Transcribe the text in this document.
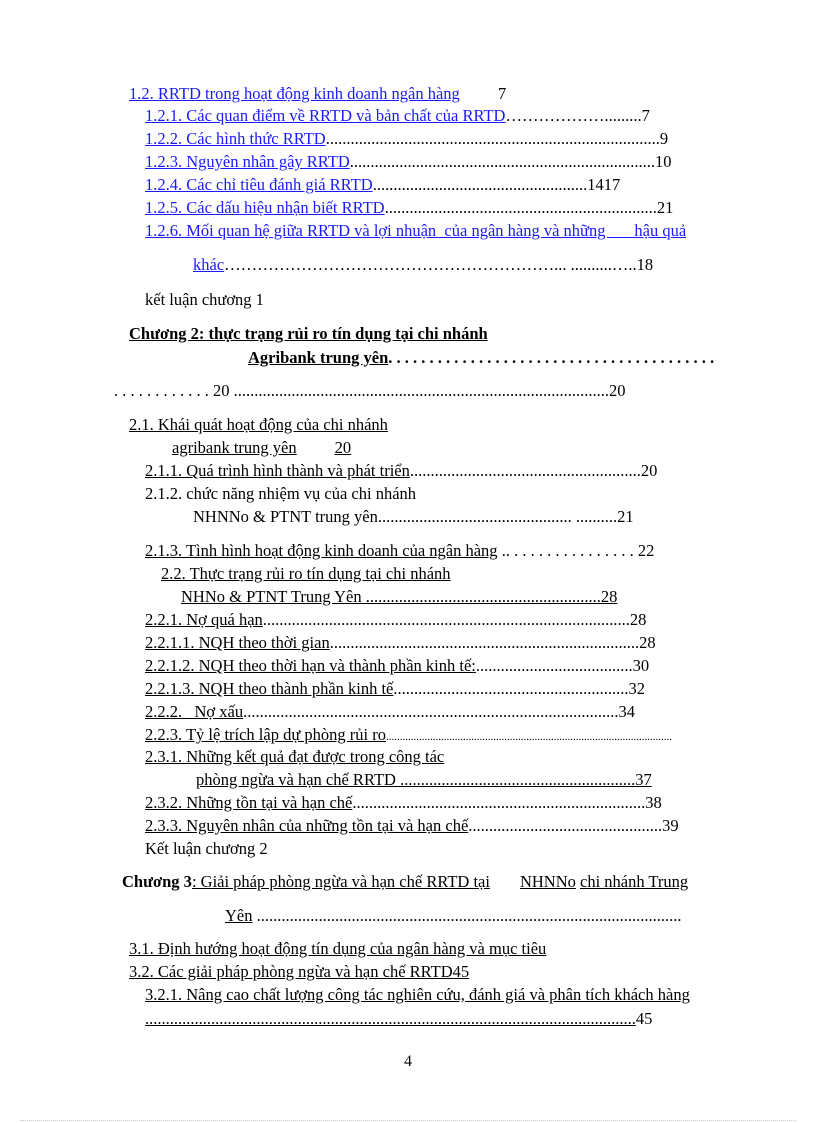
1.2. RRTD trong hoạt động kinh doanh ngân hàng 7
1.2.1. Các quan điểm về RRTD và bản chất của RRTD……………….........7
1.2.2. Các hình thức RRTD.................................................................................9
1.2.3. Nguyên nhân gây RRTD..........................................................................10
1.2.4. Các chỉ tiêu đánh giá RRTD....................................................1417
1.2.5. Các dấu hiệu nhận biết RRTD..................................................................21
1.2.6. Mối quan hệ giữa RRTD và lợi nhuận  của ngân hàng và những       hậu quả
khác……………………………………………………... ..........…..18
kết luận chương 1
Chương 2: thực trạng rủi ro tín dụng tại chi nhánh
Agribank trung yên. . . . . . . . . . . . . . . . . . . . . . . . . . . . . . . . . . . . . . . .
. . . . . . . . . . . . 20 ...........................................................................................20
2.1. Khái quát hoạt động của chi nhánh
agribank trung yên 20
2.1.1. Quá trình hình thành và phát triển........................................................20
2.1.2. chức năng nhiệm vụ của chi nhánh
NHNNo & PTNT trung yên............................................... ..........21
2.1.3. Tình hình hoạt động kinh doanh của ngân hàng .. . . . . . . . . . . . . . . . 22
2.2. Thực trạng rủi ro tín dụng tại chi nhánh
NHNo & PTNT Trung Yên .........................................................28
2.2.1. Nợ quá hạn.........................................................................................28
2.2.1.1. NQH theo thời gian...........................................................................28
2.2.1.2. NQH theo thời hạn và thành phần kinh tế:......................................30
2.2.1.3. NQH theo thành phần kinh tế.........................................................32
2.2.2.   Nợ xấu...........................................................................................34
2.2.3. Tỷ lệ trích lập dự phòng rủi ro........................................................................................................
2.3.1. Những kết quả đạt được trong công tác
phòng ngừa và hạn chế RRTD .........................................................37
2.3.2. Những tồn tại và hạn chế.......................................................................38
2.3.3. Nguyên nhân của những tồn tại và hạn chế...............................................39
Kết luận chương 2
Chương 3: Giải pháp phòng ngừa và hạn chế RRTD tại NHNNo chi nhánh Trung
Yên .......................................................................................................
3.1. Định hướng hoạt động tín dụng của ngân hàng và mục tiêu
3.2. Các giải pháp phòng ngừa và hạn chế RRTD45
3.2.1. Nâng cao chất lượng công tác nghiên cứu, đánh giá và phân tích khách hàng
.......................................................................................................................45
4
